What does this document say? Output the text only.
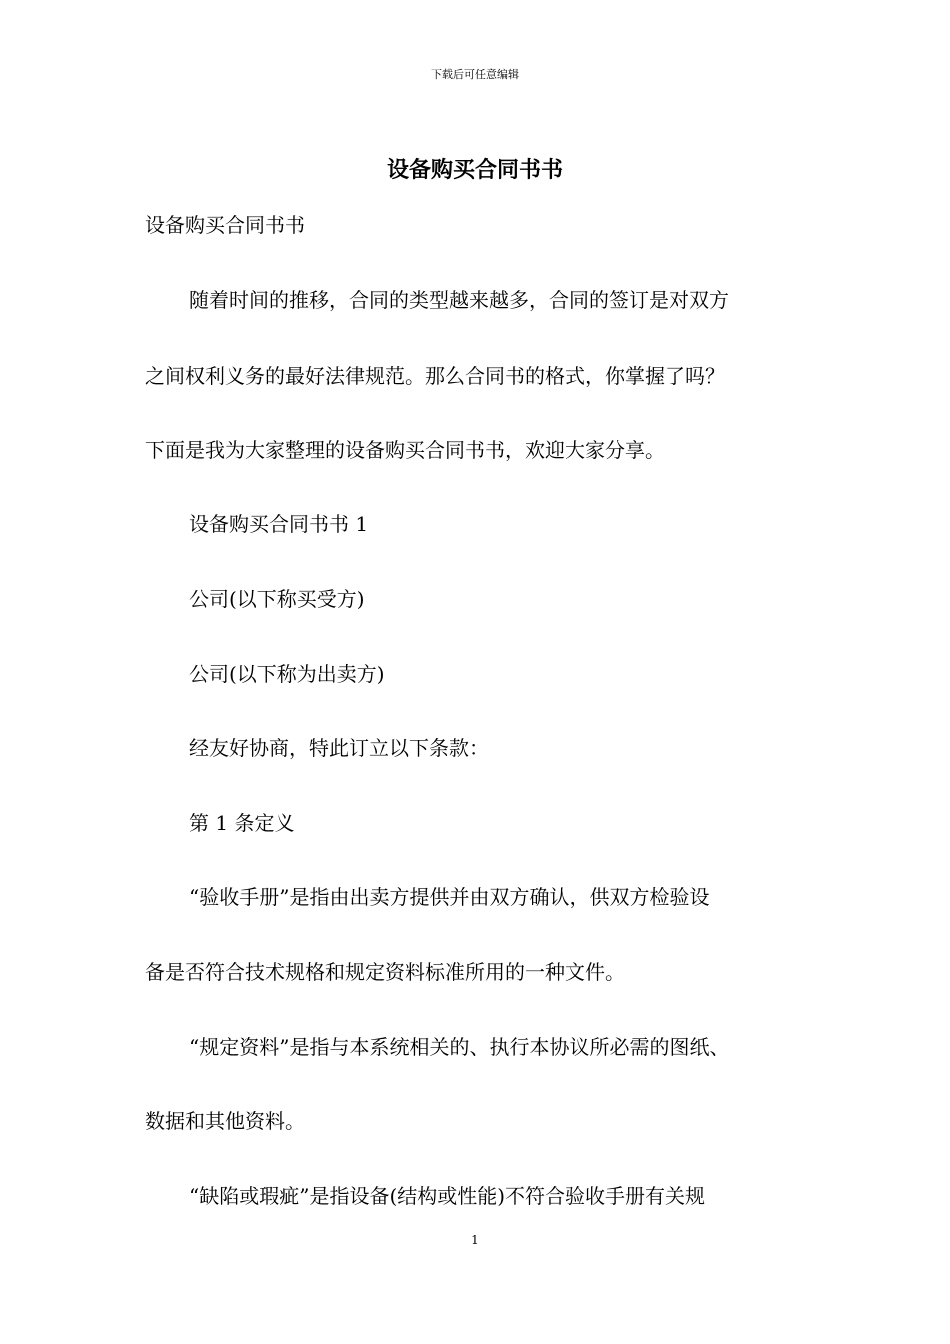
下载后可任意编辑
设备购买合同书书
设备购买合同书书
随着时间的推移，合同的类型越来越多，合同的签订是对双方
之间权利义务的最好法律规范。那么合同书的格式，你掌握了吗？
下面是我为大家整理的设备购买合同书书，欢迎大家分享。
设备购买合同书书 1
公司(以下称买受方)
公司(以下称为出卖方)
经友好协商，特此订立以下条款：
第 1 条定义
“验收手册”是指由出卖方提供并由双方确认，供双方检验设
备是否符合技术规格和规定资料标准所用的一种文件。
“规定资料”是指与本系统相关的、执行本协议所必需的图纸、
数据和其他资料。
“缺陷或瑕疵”是指设备(结构或性能)不符合验收手册有关规
1
